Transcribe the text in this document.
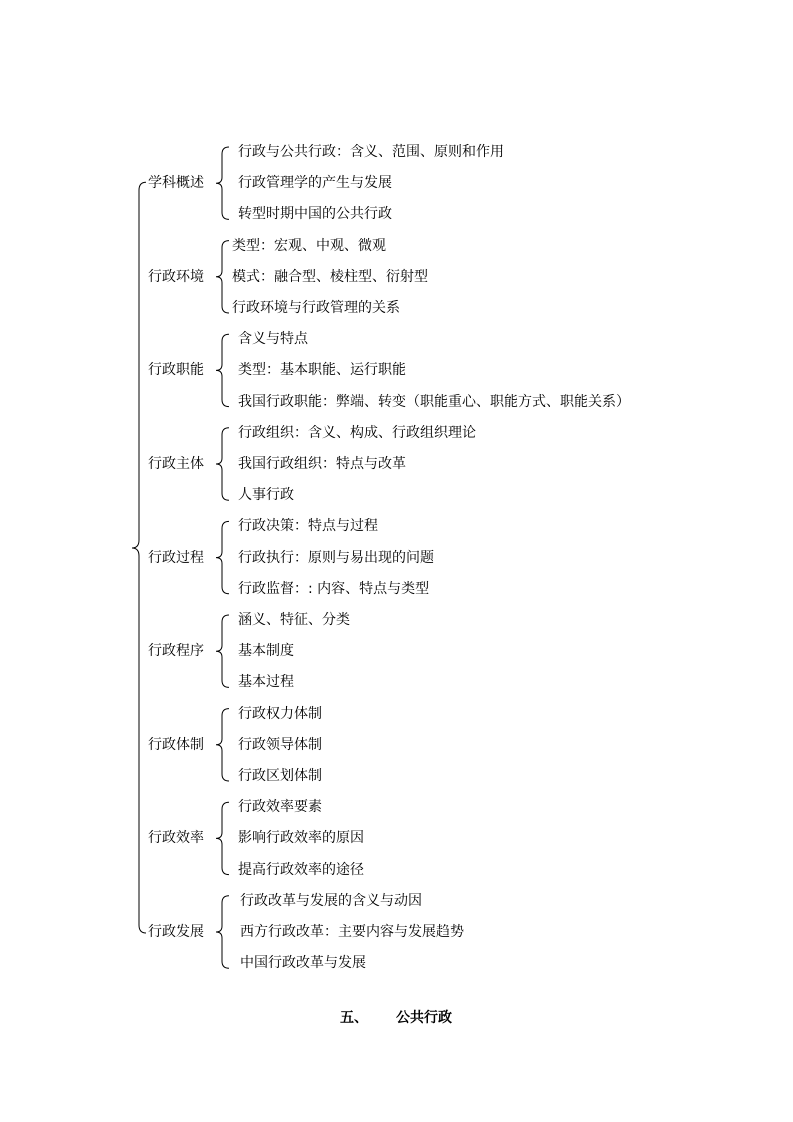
学科概述
行政与公共行政：含义、范围、原则和作用
行政管理学的产生与发展
转型时期中国的公共行政
行政环境
类型：宏观、中观、微观
模式：融合型、棱柱型、衍射型
行政环境与行政管理的关系
行政职能
含义与特点
类型：基本职能、运行职能
我国行政职能：弊端、转变（职能重心、职能方式、职能关系）
行政主体
行政组织：含义、构成、行政组织理论
我国行政组织：特点与改革
人事行政
行政过程
行政决策：特点与过程
行政执行：原则与易出现的问题
行政监督：: 内容、特点与类型
行政程序
涵义、特征、分类
基本制度
基本过程
行政体制
行政权力体制
行政领导体制
行政区划体制
行政效率
行政效率要素
影响行政效率的原因
提高行政效率的途径
行政发展
行政改革与发展的含义与动因
西方行政改革：主要内容与发展趋势
中国行政改革与发展
五、 公共行政
